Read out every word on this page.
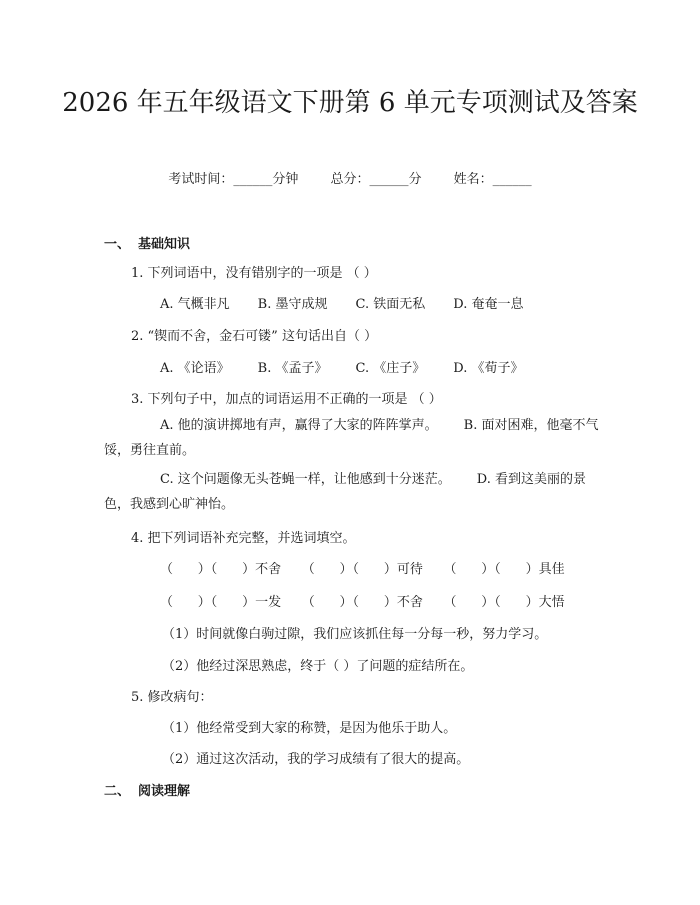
2026 年五年级语文下册第 6 单元专项测试及答案
考试时间：______分钟 总分：______分 姓名：______
一、 基础知识
1. 下列词语中，没有错别字的一项是 （ ）
A. 气概非凡 B. 墨守成规 C. 铁面无私 D. 奄奄一息
2. “锲而不舍，金石可镂” 这句话出自（ ）
A. 《论语》 B. 《孟子》 C. 《庄子》 D. 《荀子》
3. 下列句子中，加点的词语运用不正确的一项是 （ ）
A. 他的演讲掷地有声，赢得了大家的阵阵掌声。 B. 面对困难，他毫不气馁，勇往直前。
C. 这个问题像无头苍蝇一样，让他感到十分迷茫。 D. 看到这美丽的景色，我感到心旷神怡。
4. 把下列词语补充完整，并选词填空。
（      ）（      ）不舍     （      ）（      ）可待     （      ）（      ）具佳
（      ）（      ）一发     （      ）（      ）不舍     （      ）（      ）大悟
（1）时间就像白驹过隙，我们应该抓住每一分每一秒，努力学习。
（2）他经过深思熟虑，终于（ ）了问题的症结所在。
5. 修改病句：
（1）他经常受到大家的称赞，是因为他乐于助人。
（2）通过这次活动，我的学习成绩有了很大的提高。
二、 阅读理解
